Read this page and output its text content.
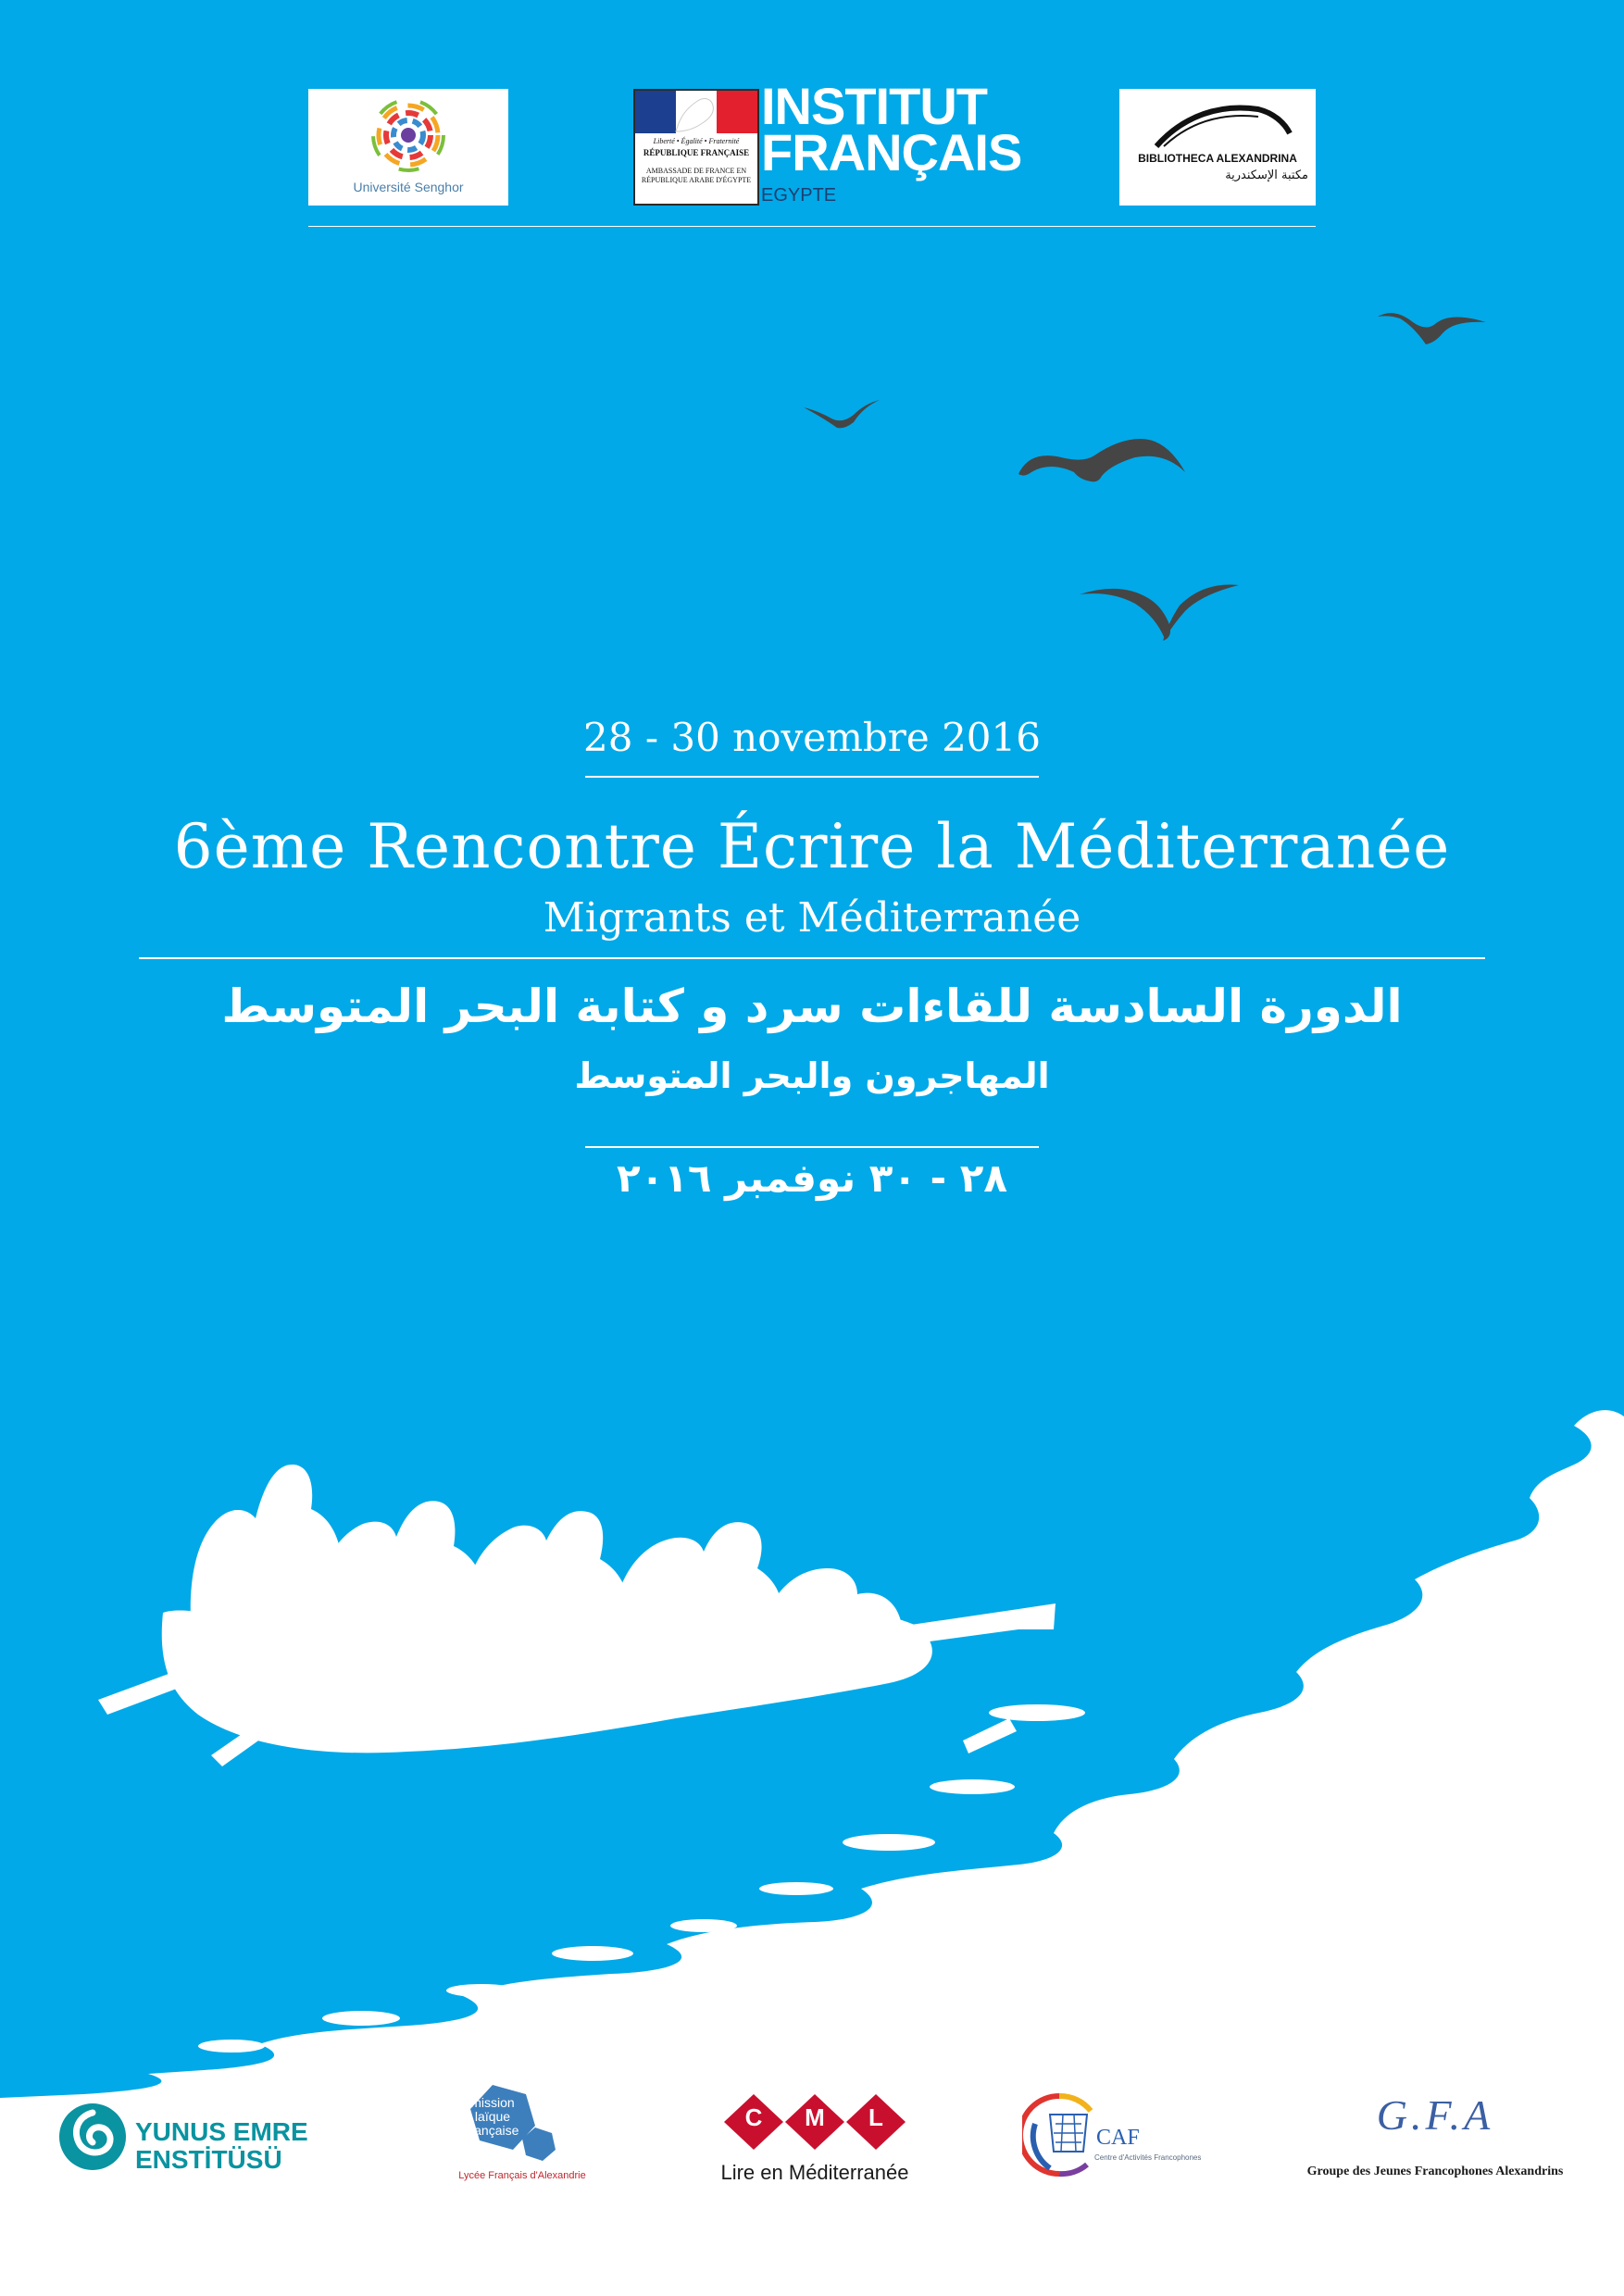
Université Senghor
Liberté • Égalité • Fraternité
RÉPUBLIQUE FRANÇAISE
AMBASSADE DE FRANCE EN RÉPUBLIQUE ARABE D'ÉGYPTE
INSTITUT
FRANÇAIS
EGYPTE
BIBLIOTHECA ALEXANDRINA
مكتبة الإسكندرية
28 - 30 novembre 2016
6ème Rencontre Écrire la Méditerranée
Migrants et Méditerranée
الدورة السادسة للقاءات سرد و كتابة البحر المتوسط
المهاجرون والبحر المتوسط
٢٨ - ٣٠ نوفمبر ٢٠١٦
YUNUS EMRE
ENSTİTÜSÜ
mission laïque française
Lycée Français d'Alexandrie
C M	L
Lire en Méditerranée
CAF
Centre d'Activités Francophones
G.F.A
Groupe des Jeunes Francophones Alexandrins
